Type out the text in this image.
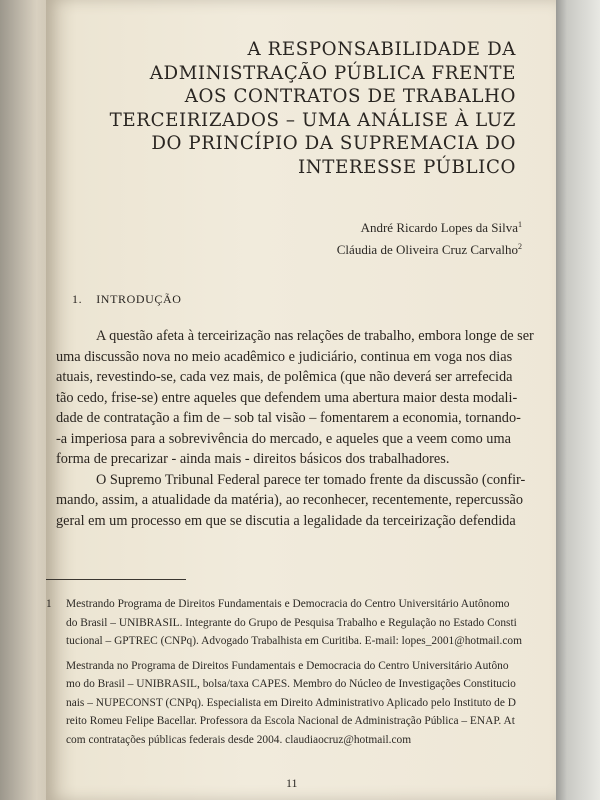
A RESPONSABILIDADE DA
ADMINISTRAÇÃO PÚBLICA FRENTE
AOS CONTRATOS DE TRABALHO
TERCEIRIZADOS – UMA ANÁLISE À LUZ
DO PRINCÍPIO DA SUPREMACIA DO
INTERESSE PÚBLICO
André Ricardo Lopes da Silva$^1$
Cláudia de Oliveira Cruz Carvalho$^2$
1. INTRODUÇÃO
A questão afeta à terceirização nas relações de trabalho, embora longe de ser
uma discussão nova no meio acadêmico e judiciário, continua em voga nos dias
atuais, revestindo-se, cada vez mais, de polêmica (que não deverá ser arrefecida
tão cedo, frise-se) entre aqueles que defendem uma abertura maior desta modali-
dade de contratação a fim de – sob tal visão – fomentarem a economia, tornando-
-a imperiosa para a sobrevivência do mercado, e aqueles que a veem como uma
forma de precarizar - ainda mais - direitos básicos dos trabalhadores.
O Supremo Tribunal Federal parece ter tomado frente da discussão (confir-
mando, assim, a atualidade da matéria), ao reconhecer, recentemente, repercussão
geral em um processo em que se discutia a legalidade da terceirização defendida
1 Mestrando Programa de Direitos Fundamentais e Democracia do Centro Universitário Autônomo
do Brasil – UNIBRASIL. Integrante do Grupo de Pesquisa Trabalho e Regulação no Estado Consti
tucional – GPTREC (CNPq). Advogado Trabalhista em Curitiba. E-mail: lopes_2001@hotmail.com
Mestranda no Programa de Direitos Fundamentais e Democracia do Centro Universitário Autôno
mo do Brasil – UNIBRASIL, bolsa/taxa CAPES. Membro do Núcleo de Investigações Constitucio
nais – NUPECONST (CNPq). Especialista em Direito Administrativo Aplicado pelo Instituto de D
reito Romeu Felipe Bacellar. Professora da Escola Nacional de Administração Pública – ENAP. At
com contratações públicas federais desde 2004. claudiaocruz@hotmail.com
11
